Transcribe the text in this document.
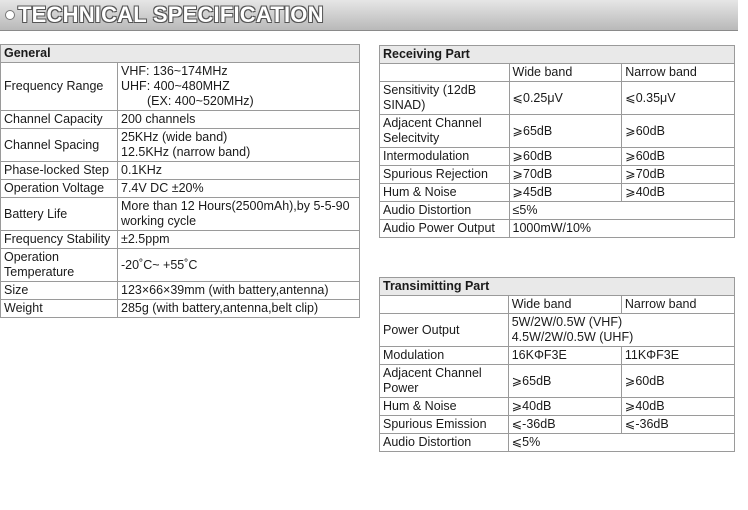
TECHNICAL SPECIFICATION
General	
Frequency Range	VHF: 136~174MHz
UHF: 400~480MHZ
(EX: 400~520MHz)

Channel Capacity	200 channels
Channel Spacing	25KHz (wide band)
12.5KHz (narrow band)

Phase-locked Step	0.1KHz
Operation Voltage	7.4V DC ±20%
Battery Life	More than 12 Hours(2500mAh),by 5-5-90 working cycle
Frequency Stability	±2.5ppm
Operation Temperature	-20˚C~ +55˚C
Size	123×66×39mm (with battery,antenna)
Weight	285g (with battery,antenna,belt clip)
Receiving Part		
	Wide band	Narrow band
Sensitivity (12dB SINAD)	⩽0.25μV	⩽0.35μV
Adjacent Channel Selecitvity	⩾65dB	⩾60dB
Intermodulation	⩾60dB	⩾60dB
Spurious Rejection	⩾70dB	⩾70dB
Hum & Noise	⩾45dB	⩾40dB
Audio Distortion	≤5%	
Audio Power Output	1000mW/10%	
Transimitting Part		
	Wide band	Narrow band
Power Output	5W/2W/0.5W (VHF)
4.5W/2W/0.5W (UHF)	

Modulation	16KΦF3E	11KΦF3E
Adjacent Channel Power	⩾65dB	⩾60dB
Hum & Noise	⩾40dB	⩾40dB
Spurious Emission	⩽-36dB	⩽-36dB
Audio Distortion	⩽5%	
